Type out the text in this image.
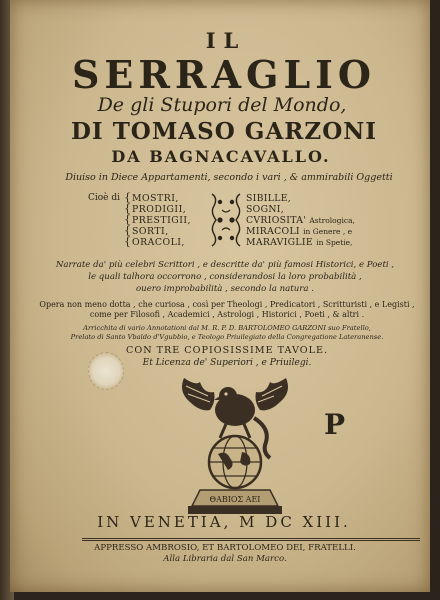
IL
SERRAGLIO
De gli Stupori del Mondo,
DI TOMASO GARZONI
DA BAGNACAVALLO.
Diuiso in Diece Appartamenti, secondo i vari , & ammirabili Oggetti
Cioè di {
{
{
{
{
MOSTRI,
PRODIGII,
PRESTIGII,
SORTI,
ORACOLI,
SIBILLE,
SOGNI,
CVRIOSITA' Astrologica,
MIRACOLI in Genere , e
MARAVIGLIE in Spetie,
Narrate da' più celebri Scrittori , e descritte da' più famosi Historici, e Poeti ,
le quali talhora occorrono , considerandosi la loro probabilità ,
ouero improbabilità , secondo la natura .
Opera non meno dotta , che curiosa , così per Theologi , Predicatori , Scritturisti , e Legisti ,
come per Filosofi , Academici , Astrologi , Historici , Poeti , & altri .
Arricchita di vario Annotationi dal M. R. P. D. BARTOLOMEO GARZONI suo Fratello,
Prelato di Santo Vbaldo d'Vgubbio, e Teologo Priuilegiato della Congregatione Lateranense.
CON TRE COPIOSISSIME TAVOLE.
Et Licenza de' Superiori , e Priuilegi.
ΘΑΒΙΟΣ ΑΕΙ
P
IN VENETIA, M DC XIII.
APPRESSO AMBROSIO, ET BARTOLOMEO DEI, FRATELLI.
Alla Libraria dal San Marco.
